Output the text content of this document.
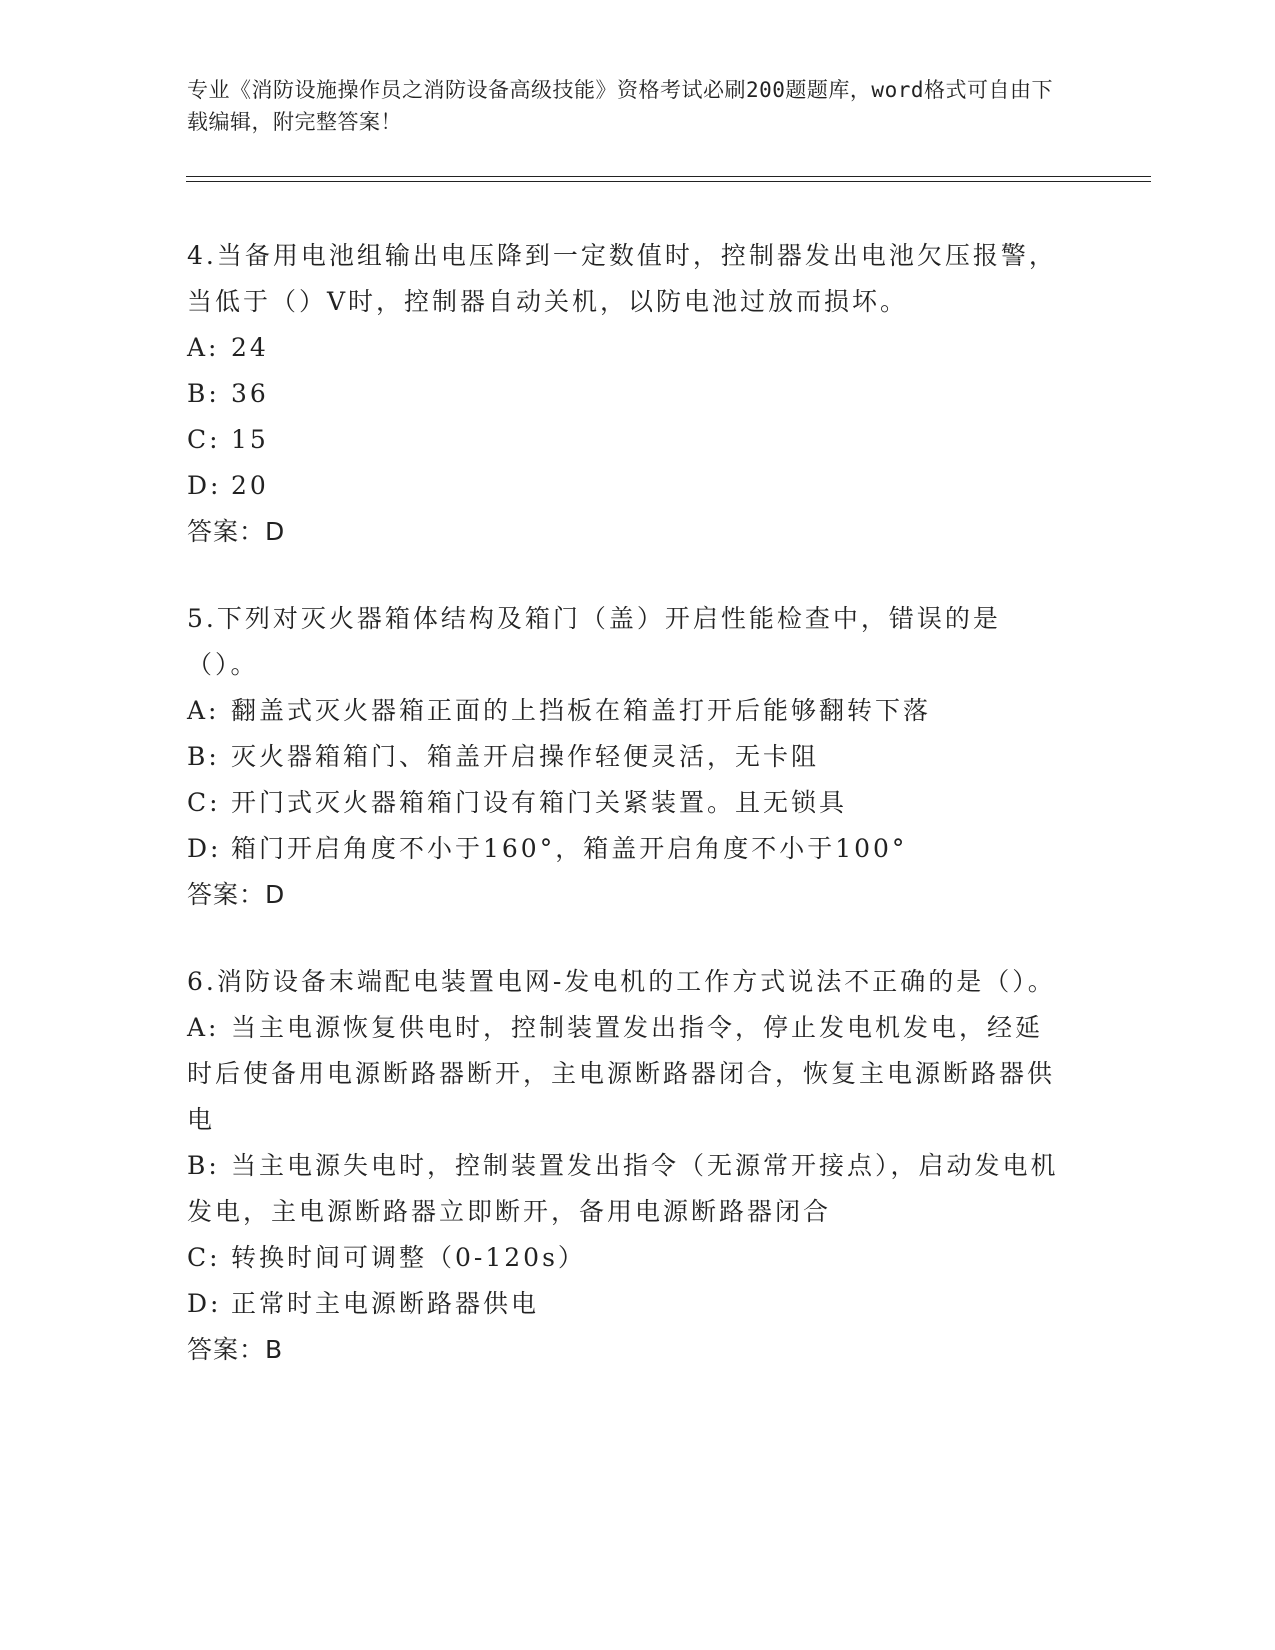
专业《消防设施操作员之消防设备高级技能》资格考试必刷200题题库，word格式可自由下载编辑，附完整答案！
4.当备用电池组输出电压降到一定数值时，控制器发出电池欠压报警，当低于（）V时，控制器自动关机，以防电池过放而损坏。
A: 24
B: 36
C: 15
D: 20
答案：D
5.下列对灭火器箱体结构及箱门（盖）开启性能检查中，错误的是（）。
A: 翻盖式灭火器箱正面的上挡板在箱盖打开后能够翻转下落
B: 灭火器箱箱门、箱盖开启操作轻便灵活，无卡阻
C: 开门式灭火器箱箱门设有箱门关紧装置。且无锁具
D: 箱门开启角度不小于160°，箱盖开启角度不小于100°
答案：D
6.消防设备末端配电装置电网-发电机的工作方式说法不正确的是（）。
A: 当主电源恢复供电时，控制装置发出指令，停止发电机发电，经延时后使备用电源断路器断开，主电源断路器闭合，恢复主电源断路器供电
B: 当主电源失电时，控制装置发出指令（无源常开接点），启动发电机发电，主电源断路器立即断开，备用电源断路器闭合
C: 转换时间可调整（0-120s）
D: 正常时主电源断路器供电
答案：B
